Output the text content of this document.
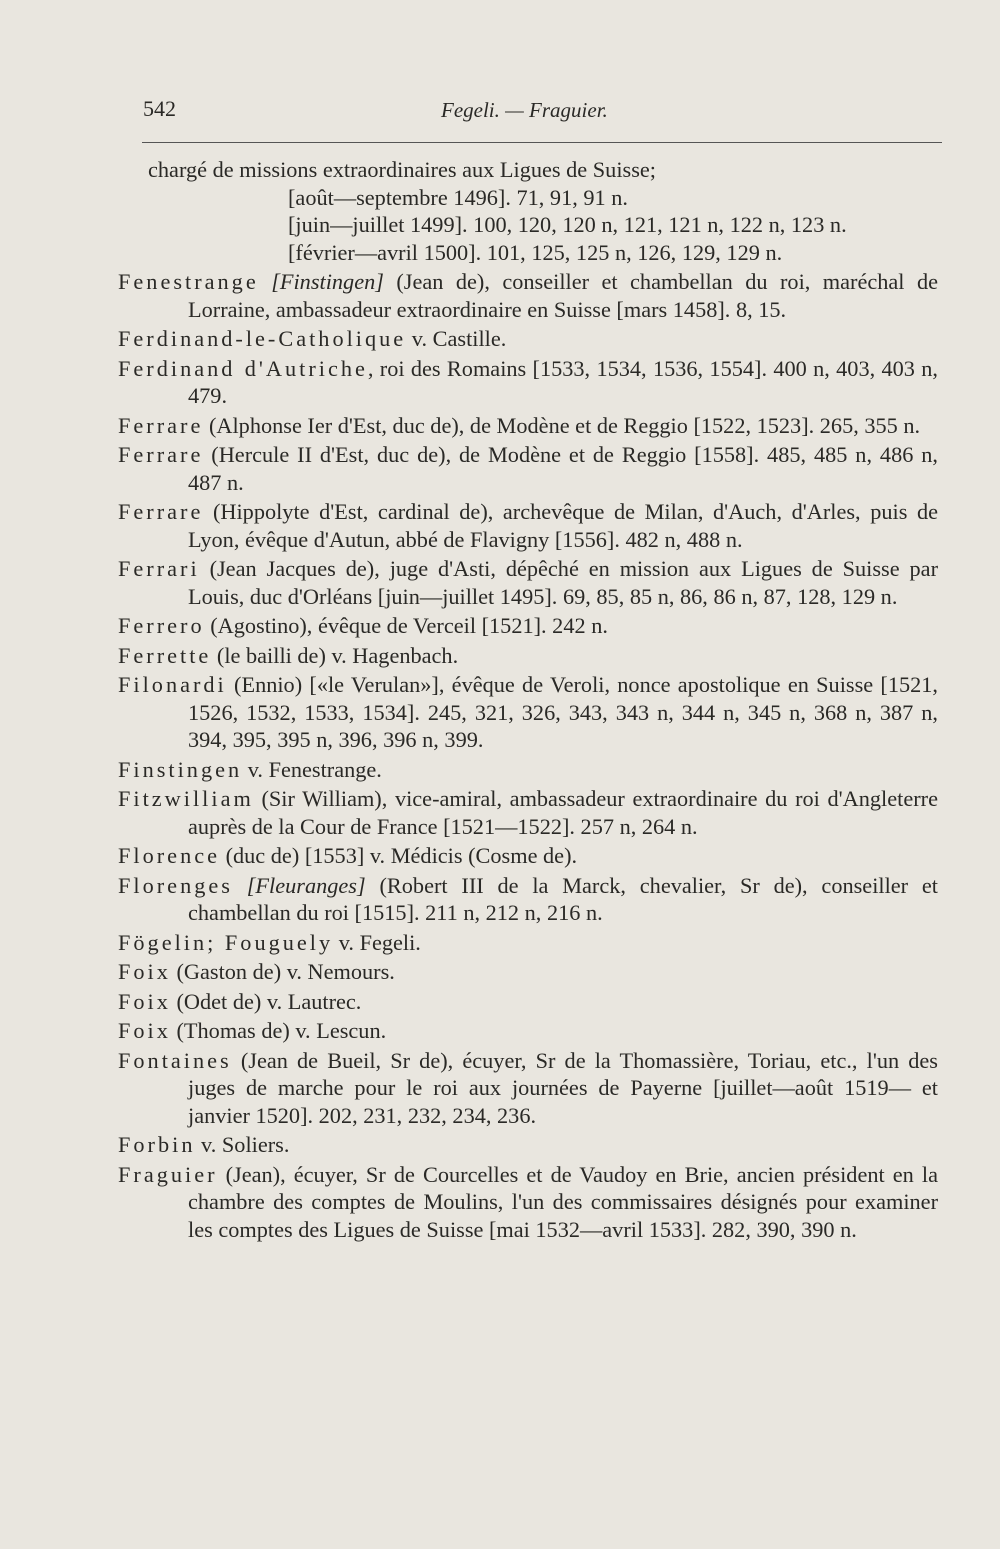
542	Fegeli. — Fraguier.

chargé de missions extraordinaires aux Ligues de Suisse;
[août—septembre 1496]. 71, 91, 91 n.
[juin—juillet 1499]. 100, 120, 120 n, 121, 121 n, 122 n, 123 n.
[février—avril 1500]. 101, 125, 125 n, 126, 129, 129 n.

Fenestrange [Finstingen] (Jean de), conseiller et chambellan du roi, maréchal de Lorraine, ambassadeur extraordinaire en Suisse [mars 1458]. 8, 15.

Ferdinand-le-Catholique v. Castille.

Ferdinand d'Autriche, roi des Romains [1533, 1534, 1536, 1554]. 400 n, 403, 403 n, 479.

Ferrare (Alphonse Ier d'Est, duc de), de Modène et de Reggio [1522, 1523]. 265, 355 n.

Ferrare (Hercule II d'Est, duc de), de Modène et de Reggio [1558]. 485, 485 n, 486 n, 487 n.

Ferrare (Hippolyte d'Est, cardinal de), archevêque de Milan, d'Auch, d'Arles, puis de Lyon, évêque d'Autun, abbé de Flavigny [1556]. 482 n, 488 n.

Ferrari (Jean Jacques de), juge d'Asti, dépêché en mission aux Ligues de Suisse par Louis, duc d'Orléans [juin—juillet 1495]. 69, 85, 85 n, 86, 86 n, 87, 128, 129 n.

Ferrero (Agostino), évêque de Verceil [1521]. 242 n.

Ferrette (le bailli de) v. Hagenbach.

Filonardi (Ennio) [«le Verulan»], évêque de Veroli, nonce apostolique en Suisse [1521, 1526, 1532, 1533, 1534]. 245, 321, 326, 343, 343 n, 344 n, 345 n, 368 n, 387 n, 394, 395, 395 n, 396, 396 n, 399.

Finstingen v. Fenestrange.

Fitzwilliam (Sir William), vice-amiral, ambassadeur extraordinaire du roi d'Angleterre auprès de la Cour de France [1521—1522]. 257 n, 264 n.

Florence (duc de) [1553] v. Médicis (Cosme de).

Florenges [Fleuranges] (Robert III de la Marck, chevalier, Sr de), conseiller et chambellan du roi [1515]. 211 n, 212 n, 216 n.

Fögelin; Fouguely v. Fegeli.

Foix (Gaston de) v. Nemours.

Foix (Odet de) v. Lautrec.

Foix (Thomas de) v. Lescun.

Fontaines (Jean de Bueil, Sr de), écuyer, Sr de la Thomassière, Toriau, etc., l'un des juges de marche pour le roi aux journées de Payerne [juillet—août 1519— et janvier 1520]. 202, 231, 232, 234, 236.

Forbin v. Soliers.

Fraguier (Jean), écuyer, Sr de Courcelles et de Vaudoy en Brie, ancien président en la chambre des comptes de Moulins, l'un des commissaires désignés pour examiner les comptes des Ligues de Suisse [mai 1532—avril 1533]. 282, 390, 390 n.
